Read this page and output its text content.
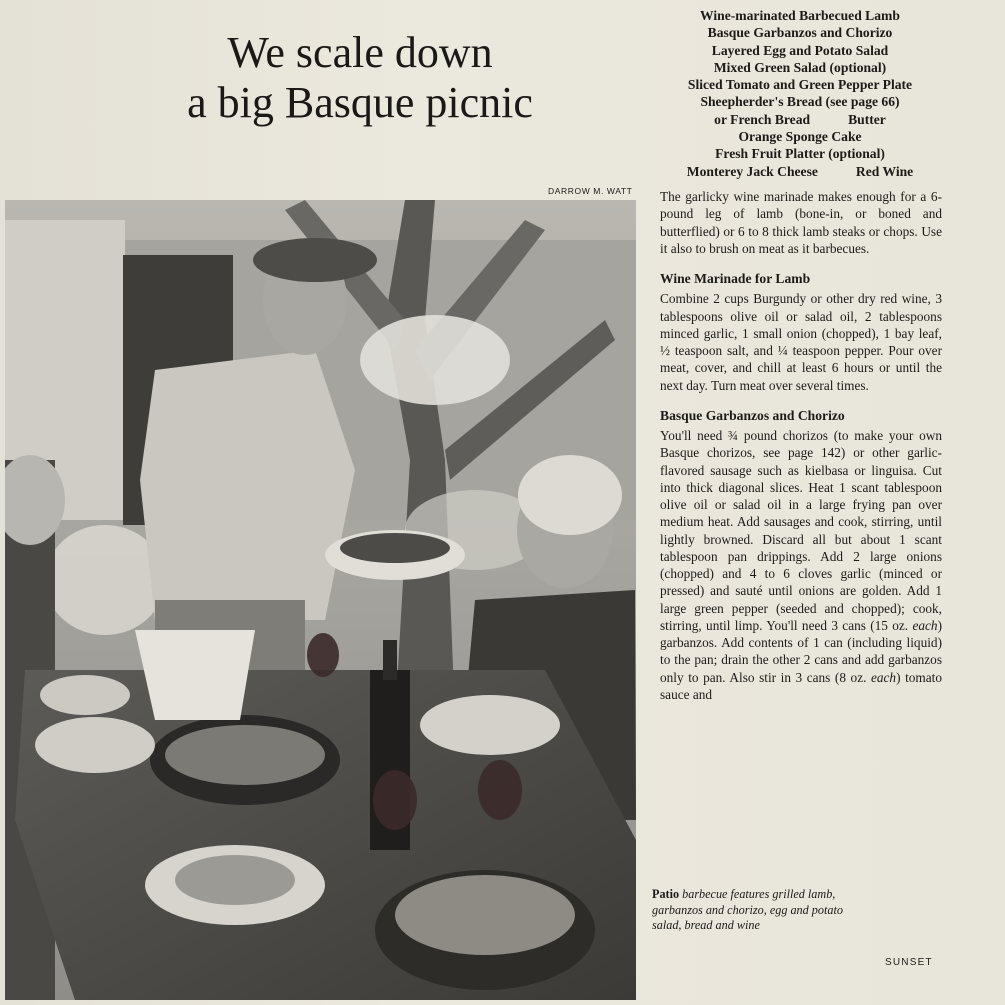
We scale down
a big Basque picnic
Wine-marinated Barbecued Lamb
Basque Garbanzos and Chorizo
Layered Egg and Potato Salad
Mixed Green Salad (optional)
Sliced Tomato and Green Pepper Plate
Sheepherder's Bread (see page 66)
or French Bread	Butter
Orange Sponge Cake
Fresh Fruit Platter (optional)
Monterey Jack Cheese	Red Wine
DARROW M. WATT The garlicky wine marinade makes enough for a 6-pound leg of lamb (bone-in, or boned and butterflied) or 6 to 8 thick lamb steaks or chops. Use it also to brush on meat as it barbecues.

Wine Marinade for Lamb

Combine 2 cups Burgundy or other dry red wine, 3 tablespoons olive oil or salad oil, 2 tablespoons minced garlic, 1 small onion (chopped), 1 bay leaf, ½ teaspoon salt, and ¼ teaspoon pepper. Pour over meat, cover, and chill at least 6 hours or until the next day. Turn meat over several times.

Basque Garbanzos and Chorizo

You'll need ¾ pound chorizos (to make your own Basque chorizos, see page 142) or other garlic-flavored sausage such as kielbasa or linguisa. Cut into thick diagonal slices. Heat 1 scant tablespoon olive oil or salad oil in a large frying pan over medium heat. Add sausages and cook, stirring, until lightly browned. Discard all but about 1 scant tablespoon pan drippings. Add 2 large onions (chopped) and 4 to 6 cloves garlic (minced or pressed) and sauté until onions are golden. Add 1 large green pepper (seeded and chopped); cook, stirring, until limp. You'll need 3 cans (15 oz. each) garbanzos. Add contents of 1 can (including liquid) to the pan; drain the other 2 cans and add garbanzos only to pan. Also stir in 3 cans (8 oz. each) tomato sauce and

Patio barbecue features grilled lamb, garbanzos and chorizo, egg and potato salad, bread and wine
SUNSET
